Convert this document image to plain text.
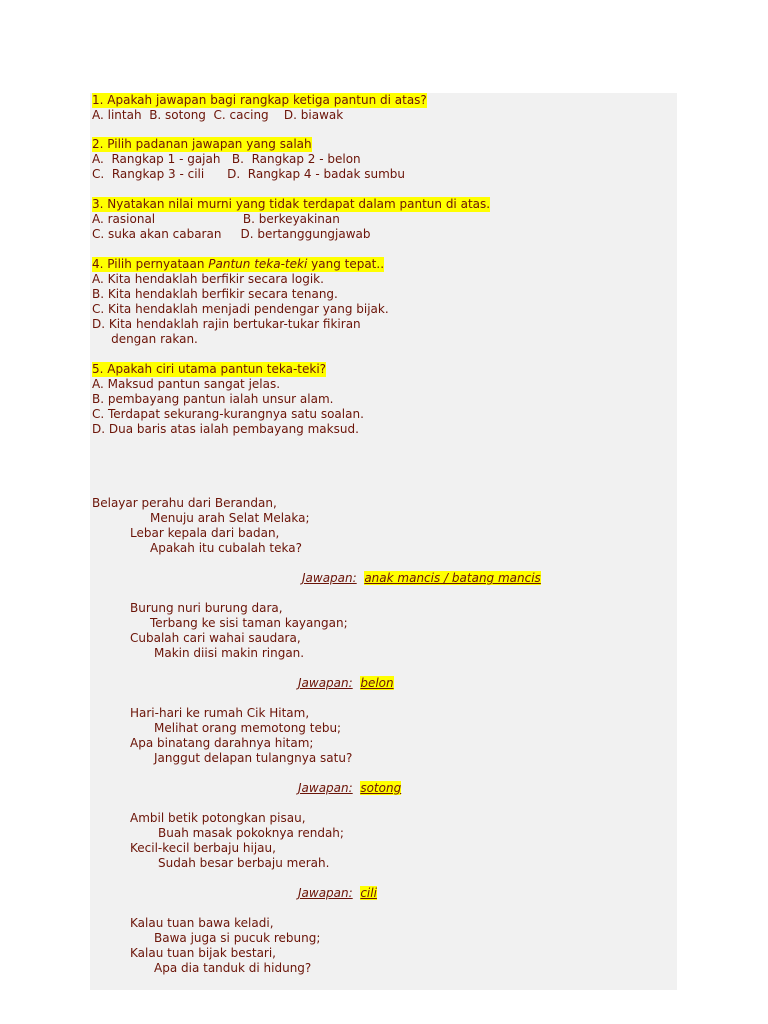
1. Apakah jawapan bagi rangkap ketiga pantun di atas?
A. lintah  B. sotong  C. cacing    D. biawak
2. Pilih padanan jawapan yang salah
A.  Rangkap 1 - gajah   B.  Rangkap 2 - belon
C.  Rangkap 3 - cili      D.  Rangkap 4 - badak sumbu
3. Nyatakan nilai murni yang tidak terdapat dalam pantun di atas.
A. rasional                       B. berkeyakinan
C. suka akan cabaran     D. bertanggungjawab
4. Pilih pernyataan Pantun teka-teki yang tepat..
A. Kita hendaklah berfikir secara logik.
B. Kita hendaklah berfikir secara tenang.
C. Kita hendaklah menjadi pendengar yang bijak.
D. Kita hendaklah rajin bertukar-tukar fikiran
dengan rakan.
5. Apakah ciri utama pantun teka-teki?
A. Maksud pantun sangat jelas.
B. pembayang pantun ialah unsur alam.
C. Terdapat sekurang-kurangnya satu soalan.
D. Dua baris atas ialah pembayang maksud.
Belayar perahu dari Berandan,
Menuju arah Selat Melaka;
Lebar kepala dari badan,
Apakah itu cubalah teka?
Jawapan: anak mancis / batang mancis
Burung nuri burung dara,
Terbang ke sisi taman kayangan;
Cubalah cari wahai saudara,
Makin diisi makin ringan.
Jawapan: belon
Hari-hari ke rumah Cik Hitam,
Melihat orang memotong tebu;
Apa binatang darahnya hitam;
Janggut delapan tulangnya satu?
Jawapan: sotong
Ambil betik potongkan pisau,
Buah masak pokoknya rendah;
Kecil-kecil berbaju hijau,
Sudah besar berbaju merah.
Jawapan: cili
Kalau tuan bawa keladi,
Bawa juga si pucuk rebung;
Kalau tuan bijak bestari,
Apa dia tanduk di hidung?
